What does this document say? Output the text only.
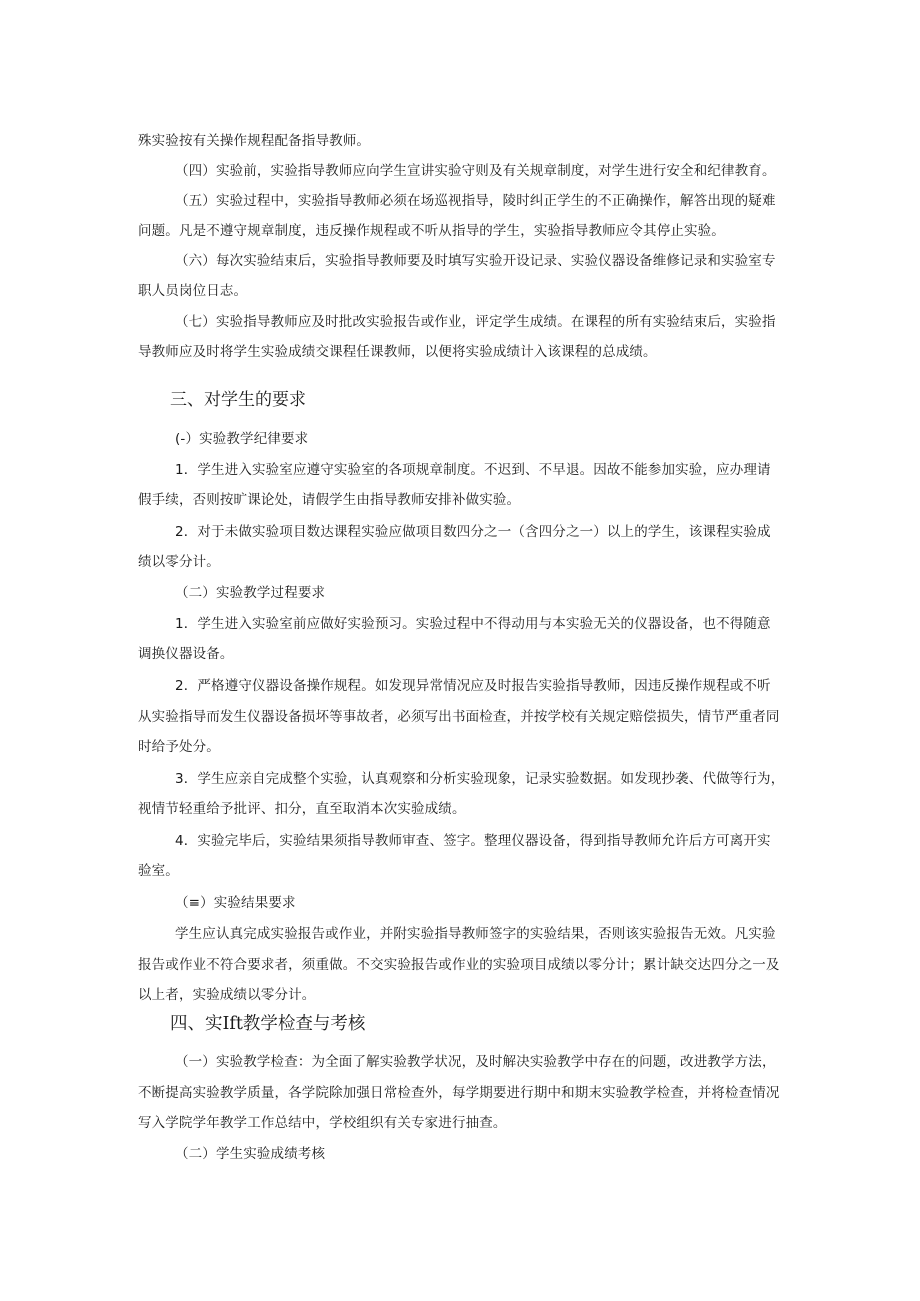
殊实验按有关操作规程配备指导教师。
（四）实验前，实验指导教师应向学生宣讲实验守则及有关规章制度，对学生进行安全和纪律教育。
（五）实验过程中，实验指导教师必须在场巡视指导，陵时纠正学生的不正确操作，解答出现的疑难
问题。凡是不遵守规章制度，违反操作规程或不听从指导的学生，实验指导教师应令其停止实验。
（六）每次实验结束后，实验指导教师要及时填写实验开设记录、实验仪器设备维修记录和实验室专
职人员岗位日志。
（七）实验指导教师应及时批改实验报告或作业，评定学生成绩。在课程的所有实验结束后，实验指
导教师应及时将学生实验成绩交课程任课教师，以便将实验成绩计入该课程的总成绩。
三、对学生的要求
(-）实验教学纪律要求
1．学生进入实验室应遵守实验室的各项规章制度。不迟到、不早退。因故不能参加实验，应办理请
假手续，否则按旷课论处，请假学生由指导教师安排补做实验。
2．对于未做实验项目数达课程实验应做项目数四分之一（含四分之一）以上的学生，该课程实验成
绩以零分计。
（二）实验教学过程要求
1．学生进入实验室前应做好实验预习。实验过程中不得动用与本实验无关的仪器设备，也不得随意
调换仪器设备。
2．严格遵守仪器设备操作规程。如发现异常情况应及时报告实验指导教师，因违反操作规程或不听
从实验指导而发生仪器设备损坏等事故者，必须写出书面检查，并按学校有关规定赔偿损失，情节严重者同
时给予处分。
3．学生应亲自完成整个实验，认真观察和分析实验现象，记录实验数据。如发现抄袭、代做等行为，
视情节轻重给予批评、扣分，直至取消本次实验成绩。
4．实验完毕后，实验结果须指导教师审查、签字。整理仪器设备，得到指导教师允许后方可离开实
验室。
（≡）实验结果要求
学生应认真完成实验报告或作业，并附实验指导教师签字的实验结果，否则该实验报告无效。凡实验
报告或作业不符合要求者，须重做。不交实验报告或作业的实验项目成绩以零分计；累计缺交达四分之一及
以上者，实验成绩以零分计。
四、实Ift教学检查与考核
（一）实验教学检查：为全面了解实验教学状况，及时解决实验教学中存在的问题，改进教学方法，
不断提高实验教学质量，各学院除加强日常检查外，每学期要进行期中和期末实验教学检查，并将检查情况
写入学院学年教学工作总结中，学校组织有关专家进行抽查。
（二）学生实验成绩考核
